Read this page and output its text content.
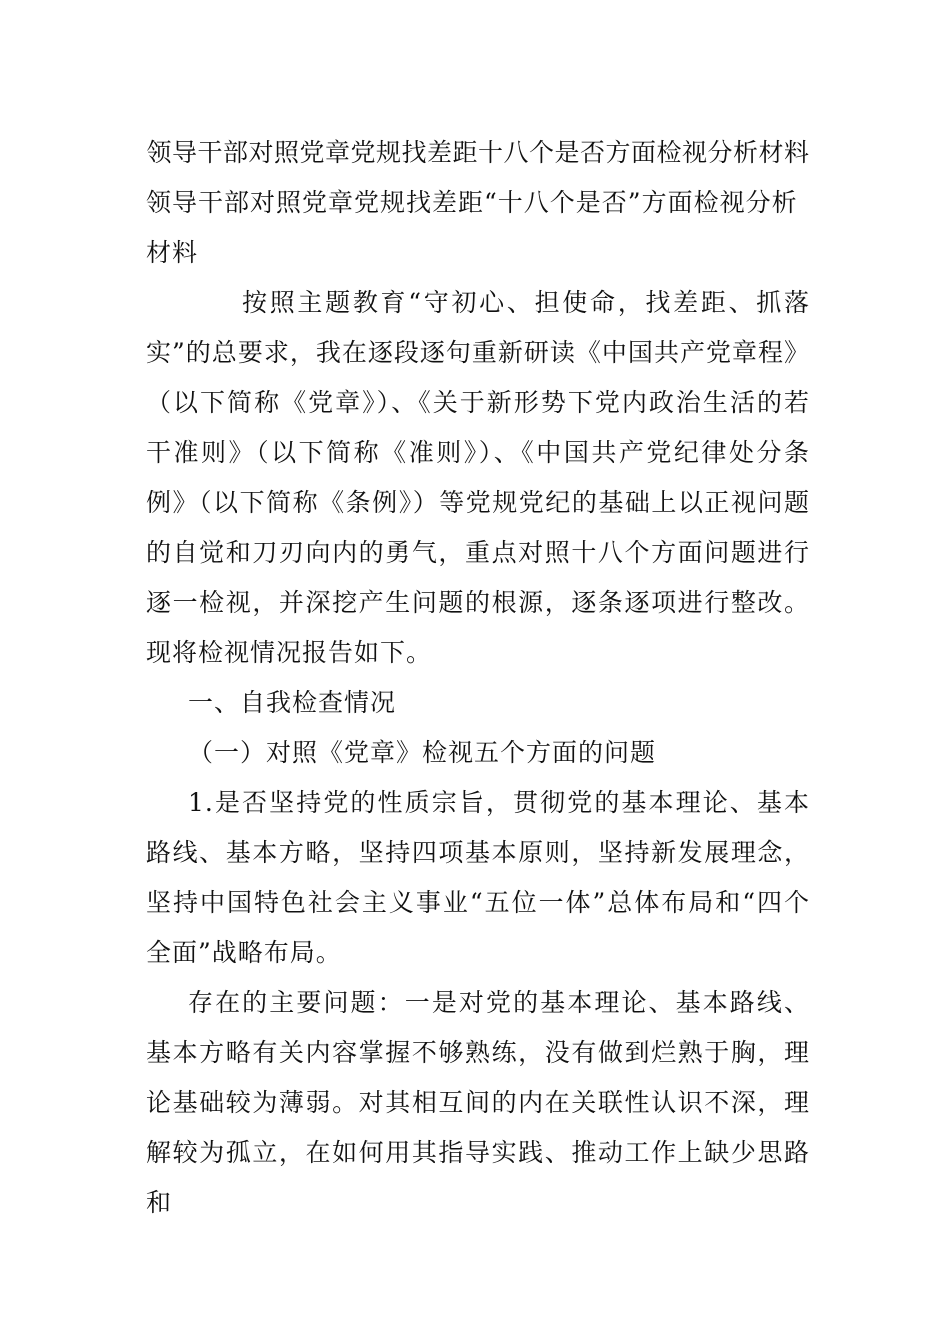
领导干部对照党章党规找差距十八个是否方面检视分析材料

领导干部对照党章党规找差距“十八个是否”方面检视分析材料

按照主题教育“守初心、担使命，找差距、抓落实”的总要求，我在逐段逐句重新研读《中国共产党章程》（以下简称《党章》）、《关于新形势下党内政治生活的若干准则》（以下简称《准则》）、《中国共产党纪律处分条例》（以下简称《条例》）等党规党纪的基础上以正视问题的自觉和刀刃向内的勇气，重点对照十八个方面问题进行逐一检视，并深挖产生问题的根源，逐条逐项进行整改。现将检视情况报告如下。

一、自我检查情况

（一）对照《党章》检视五个方面的问题

1.是否坚持党的性质宗旨，贯彻党的基本理论、基本路线、基本方略，坚持四项基本原则，坚持新发展理念，坚持中国特色社会主义事业“五位一体”总体布局和“四个全面”战略布局。

存在的主要问题：一是对党的基本理论、基本路线、基本方略有关内容掌握不够熟练，没有做到烂熟于胸，理论基础较为薄弱。对其相互间的内在关联性认识不深，理解较为孤立，在如何用其指导实践、推动工作上缺少思路和
